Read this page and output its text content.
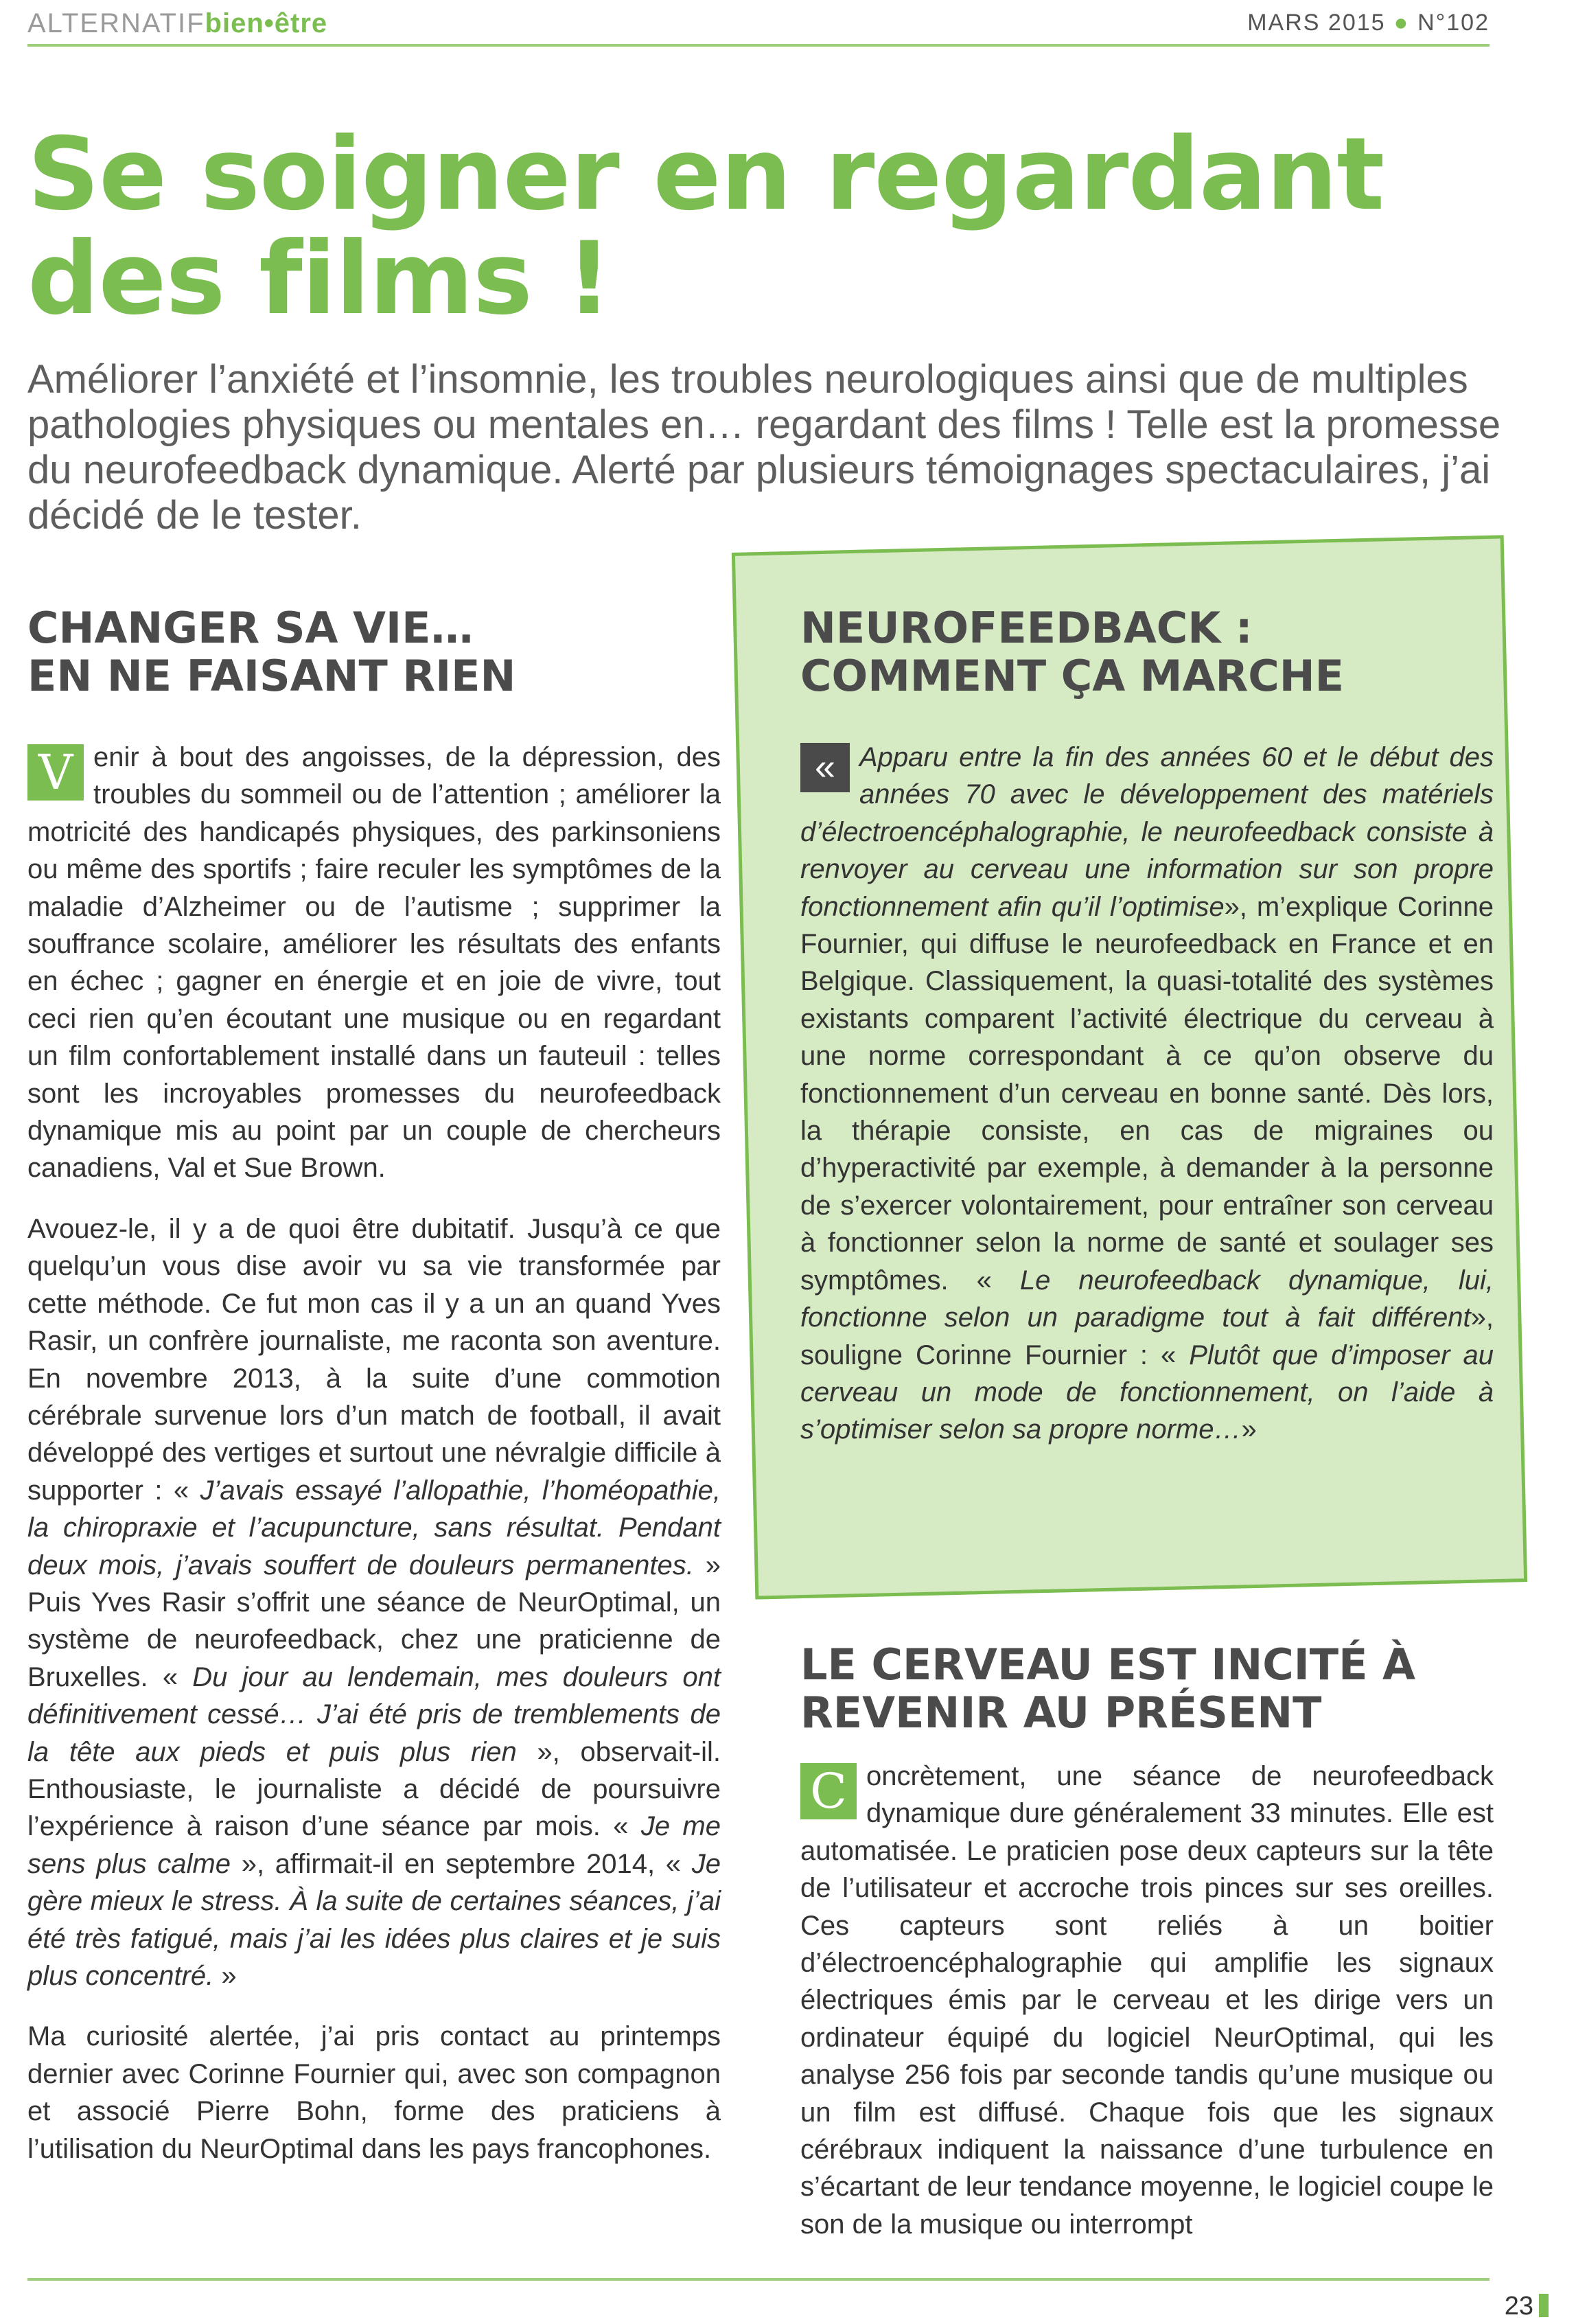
ALTERNATIFbien•être	MARS 2015 ● N°102
Se soigner en regardant des films !

Améliorer l’anxiété et l’insomnie, les troubles neurologiques ainsi que de multiples pathologies physiques ou mentales en… regardant des films ! Telle est la promesse du neurofeedback dynamique. Alerté par plusieurs témoignages spectaculaires, j’ai décidé de le tester.

CHANGER SA VIE…
EN NE FAISANT RIEN

V enir à bout des angoisses, de la dépression, des troubles du sommeil ou de l’attention ; améliorer la motricité des handicapés physiques, des parkinsoniens ou même des sportifs ; faire reculer les symptômes de la maladie d’Alzheimer ou de l’autisme ; supprimer la souffrance scolaire, améliorer les résultats des enfants en échec ; gagner en énergie et en joie de vivre, tout ceci rien qu’en écoutant une musique ou en regardant un film confortablement installé dans un fauteuil : telles sont les incroyables promesses du neurofeedback dynamique mis au point par un couple de chercheurs canadiens, Val et Sue Brown.

Avouez-le, il y a de quoi être dubitatif. Jusqu’à ce que quelqu’un vous dise avoir vu sa vie transformée par cette méthode. Ce fut mon cas il y a un an quand Yves Rasir, un confrère journaliste, me raconta son aventure. En novembre 2013, à la suite d’une commotion cérébrale survenue lors d’un match de football, il avait développé des vertiges et surtout une névralgie difficile à supporter : « J’avais essayé l’allopathie, l’homéopathie, la chiropraxie et l’acupuncture, sans résultat. Pendant deux mois, j’avais souffert de douleurs permanentes. » Puis Yves Rasir s’offrit une séance de NeurOptimal, un système de neurofeedback, chez une praticienne de Bruxelles. « Du jour au lendemain, mes douleurs ont définitivement cessé… J’ai été pris de tremblements de la tête aux pieds et puis plus rien », observait-il. Enthousiaste, le journaliste a décidé de poursuivre l’expérience à raison d’une séance par mois. « Je me sens plus calme », affirmait-il en septembre 2014, « Je gère mieux le stress. À la suite de certaines séances, j’ai été très fatigué, mais j’ai les idées plus claires et je suis plus concentré. »

Ma curiosité alertée, j’ai pris contact au printemps dernier avec Corinne Fournier qui, avec son compagnon et associé Pierre Bohn, forme des praticiens à l’utilisation du NeurOptimal dans les pays francophones.

NEUROFEEDBACK :
COMMENT ÇA MARCHE

« Apparu entre la fin des années 60 et le début des années 70 avec le développement des matériels d’électroencéphalographie, le neurofeedback consiste à renvoyer au cerveau une information sur son propre fonctionnement afin qu’il l’optimise», m’explique Corinne Fournier, qui diffuse le neurofeedback en France et en Belgique. Classiquement, la quasi-totalité des systèmes existants comparent l’activité électrique du cerveau à une norme correspondant à ce qu’on observe du fonctionnement d’un cerveau en bonne santé. Dès lors, la thérapie consiste, en cas de migraines ou d’hyperactivité par exemple, à demander à la personne de s’exercer volontairement, pour entraîner son cerveau à fonctionner selon la norme de santé et soulager ses symptômes. « Le neurofeedback dynamique, lui, fonctionne selon un paradigme tout à fait différent», souligne Corinne Fournier : « Plutôt que d’imposer au cerveau un mode de fonctionnement, on l’aide à s’optimiser selon sa propre norme…»

LE CERVEAU EST INCITÉ À
REVENIR AU PRÉSENT

C oncrètement, une séance de neurofeedback dynamique dure généralement 33 minutes. Elle est automatisée. Le praticien pose deux capteurs sur la tête de l’utilisateur et accroche trois pinces sur ses oreilles. Ces capteurs sont reliés à un boitier d’électroencéphalographie qui amplifie les signaux électriques émis par le cerveau et les dirige vers un ordinateur équipé du logiciel NeurOptimal, qui les analyse 256 fois par seconde tandis qu’une musique ou un film est diffusé. Chaque fois que les signaux cérébraux indiquent la naissance d’une turbulence en s’écartant de leur tendance moyenne, le logiciel coupe le son de la musique ou interrompt

23
